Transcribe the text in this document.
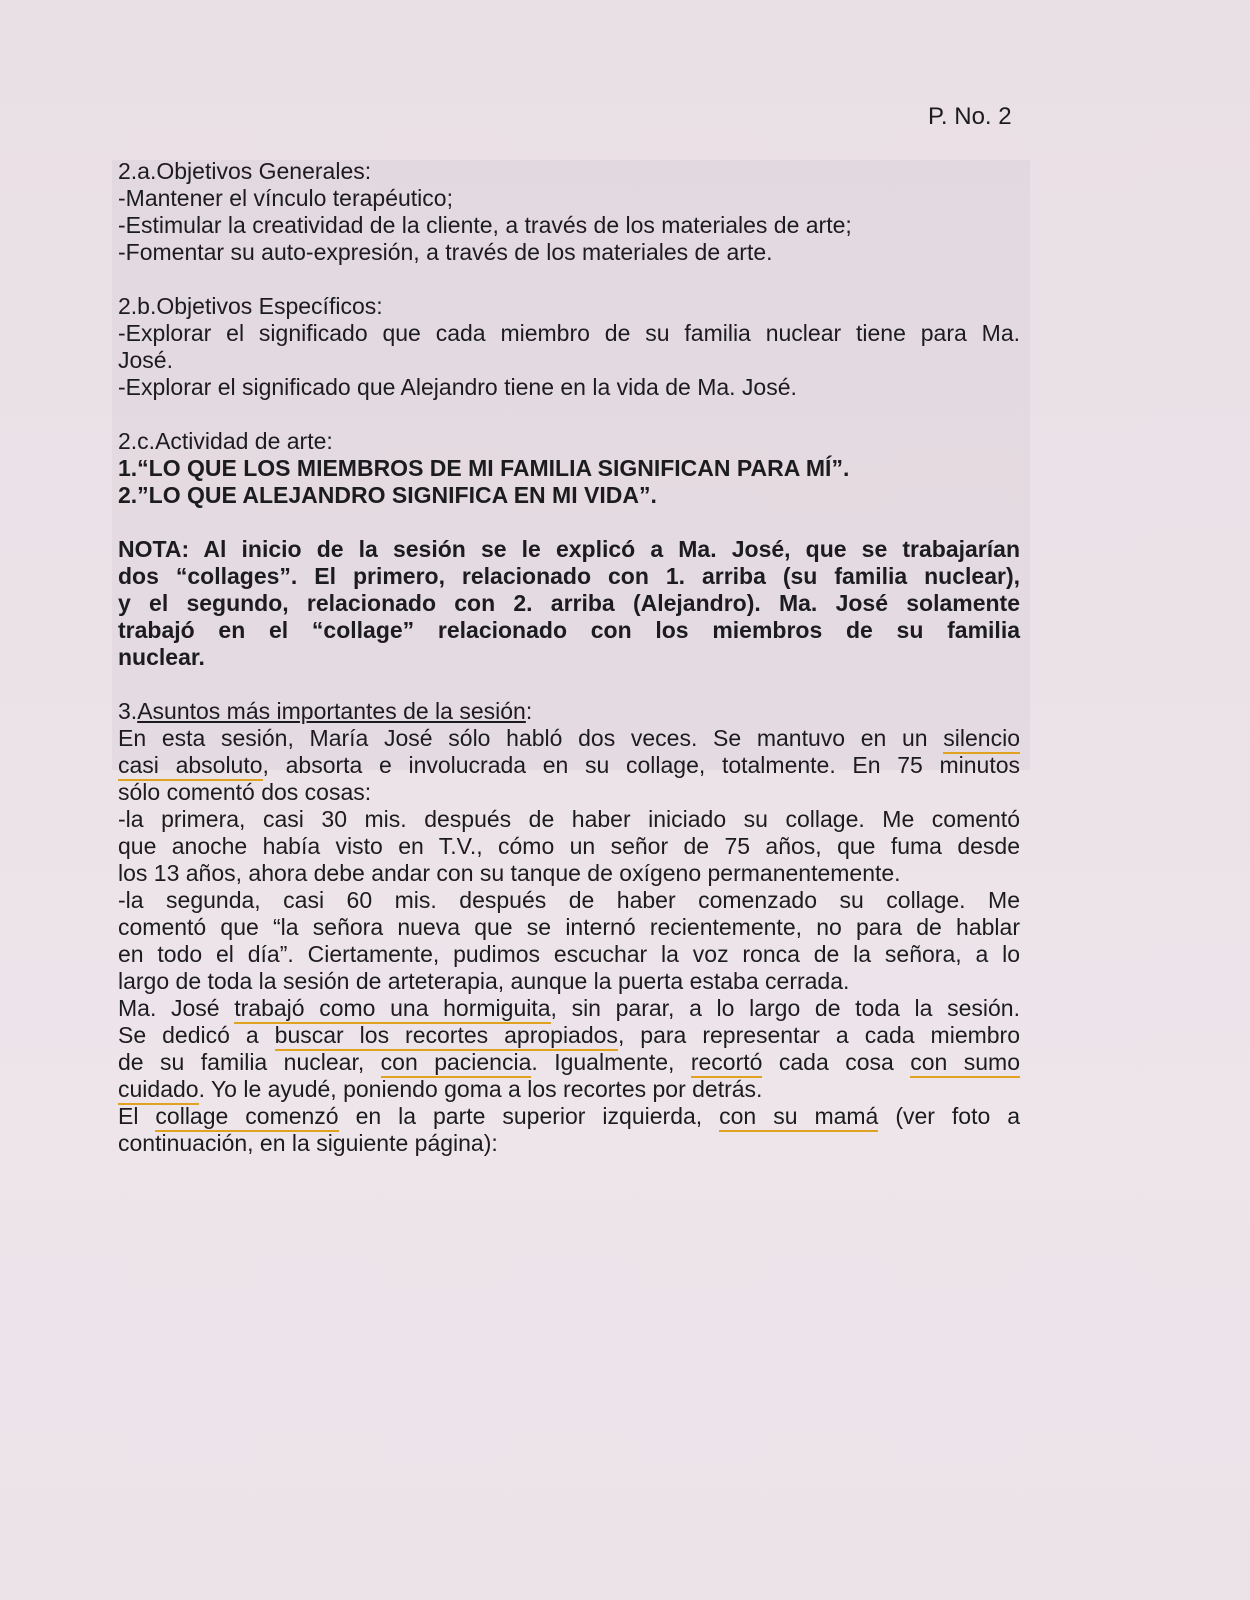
P. No. 2
2.a.Objetivos Generales:
-Mantener el vínculo terapéutico;
-Estimular la creatividad de la cliente, a través de los materiales de arte;
-Fomentar su auto-expresión, a través de los materiales de arte.
2.b.Objetivos Específicos:
-Explorar el significado que cada miembro de su familia nuclear tiene para Ma.
José.
-Explorar el significado que Alejandro tiene en la vida de Ma. José.
2.c.Actividad de arte:
1.“LO QUE LOS MIEMBROS DE MI FAMILIA SIGNIFICAN PARA MÍ”.
2.”LO QUE ALEJANDRO SIGNIFICA EN MI VIDA”.
NOTA: Al inicio de la sesión se le explicó a Ma. José, que se trabajarían
dos “collages”. El primero, relacionado con 1. arriba (su familia nuclear),
y el segundo, relacionado con 2. arriba (Alejandro). Ma. José solamente
trabajó en el “collage” relacionado con los miembros de su familia
nuclear.
3.Asuntos más importantes de la sesión:
En esta sesión, María José sólo habló dos veces. Se mantuvo en un silencio
casi absoluto, absorta e involucrada en su collage, totalmente. En 75 minutos
sólo comentó dos cosas:
-la primera, casi 30 mis. después de haber iniciado su collage. Me comentó
que anoche había visto en T.V., cómo un señor de 75 años, que fuma desde
los 13 años, ahora debe andar con su tanque de oxígeno permanentemente.
-la segunda, casi 60 mis. después de haber comenzado su collage. Me
comentó que “la señora nueva que se internó recientemente, no para de hablar
en todo el día”. Ciertamente, pudimos escuchar la voz ronca de la señora, a lo
largo de toda la sesión de arteterapia, aunque la puerta estaba cerrada.
Ma. José trabajó como una hormiguita, sin parar, a lo largo de toda la sesión.
Se dedicó a buscar los recortes apropiados, para representar a cada miembro
de su familia nuclear, con paciencia. Igualmente, recortó cada cosa con sumo
cuidado. Yo le ayudé, poniendo goma a los recortes por detrás.
El collage comenzó en la parte superior izquierda, con su mamá (ver foto a
continuación, en la siguiente página):
